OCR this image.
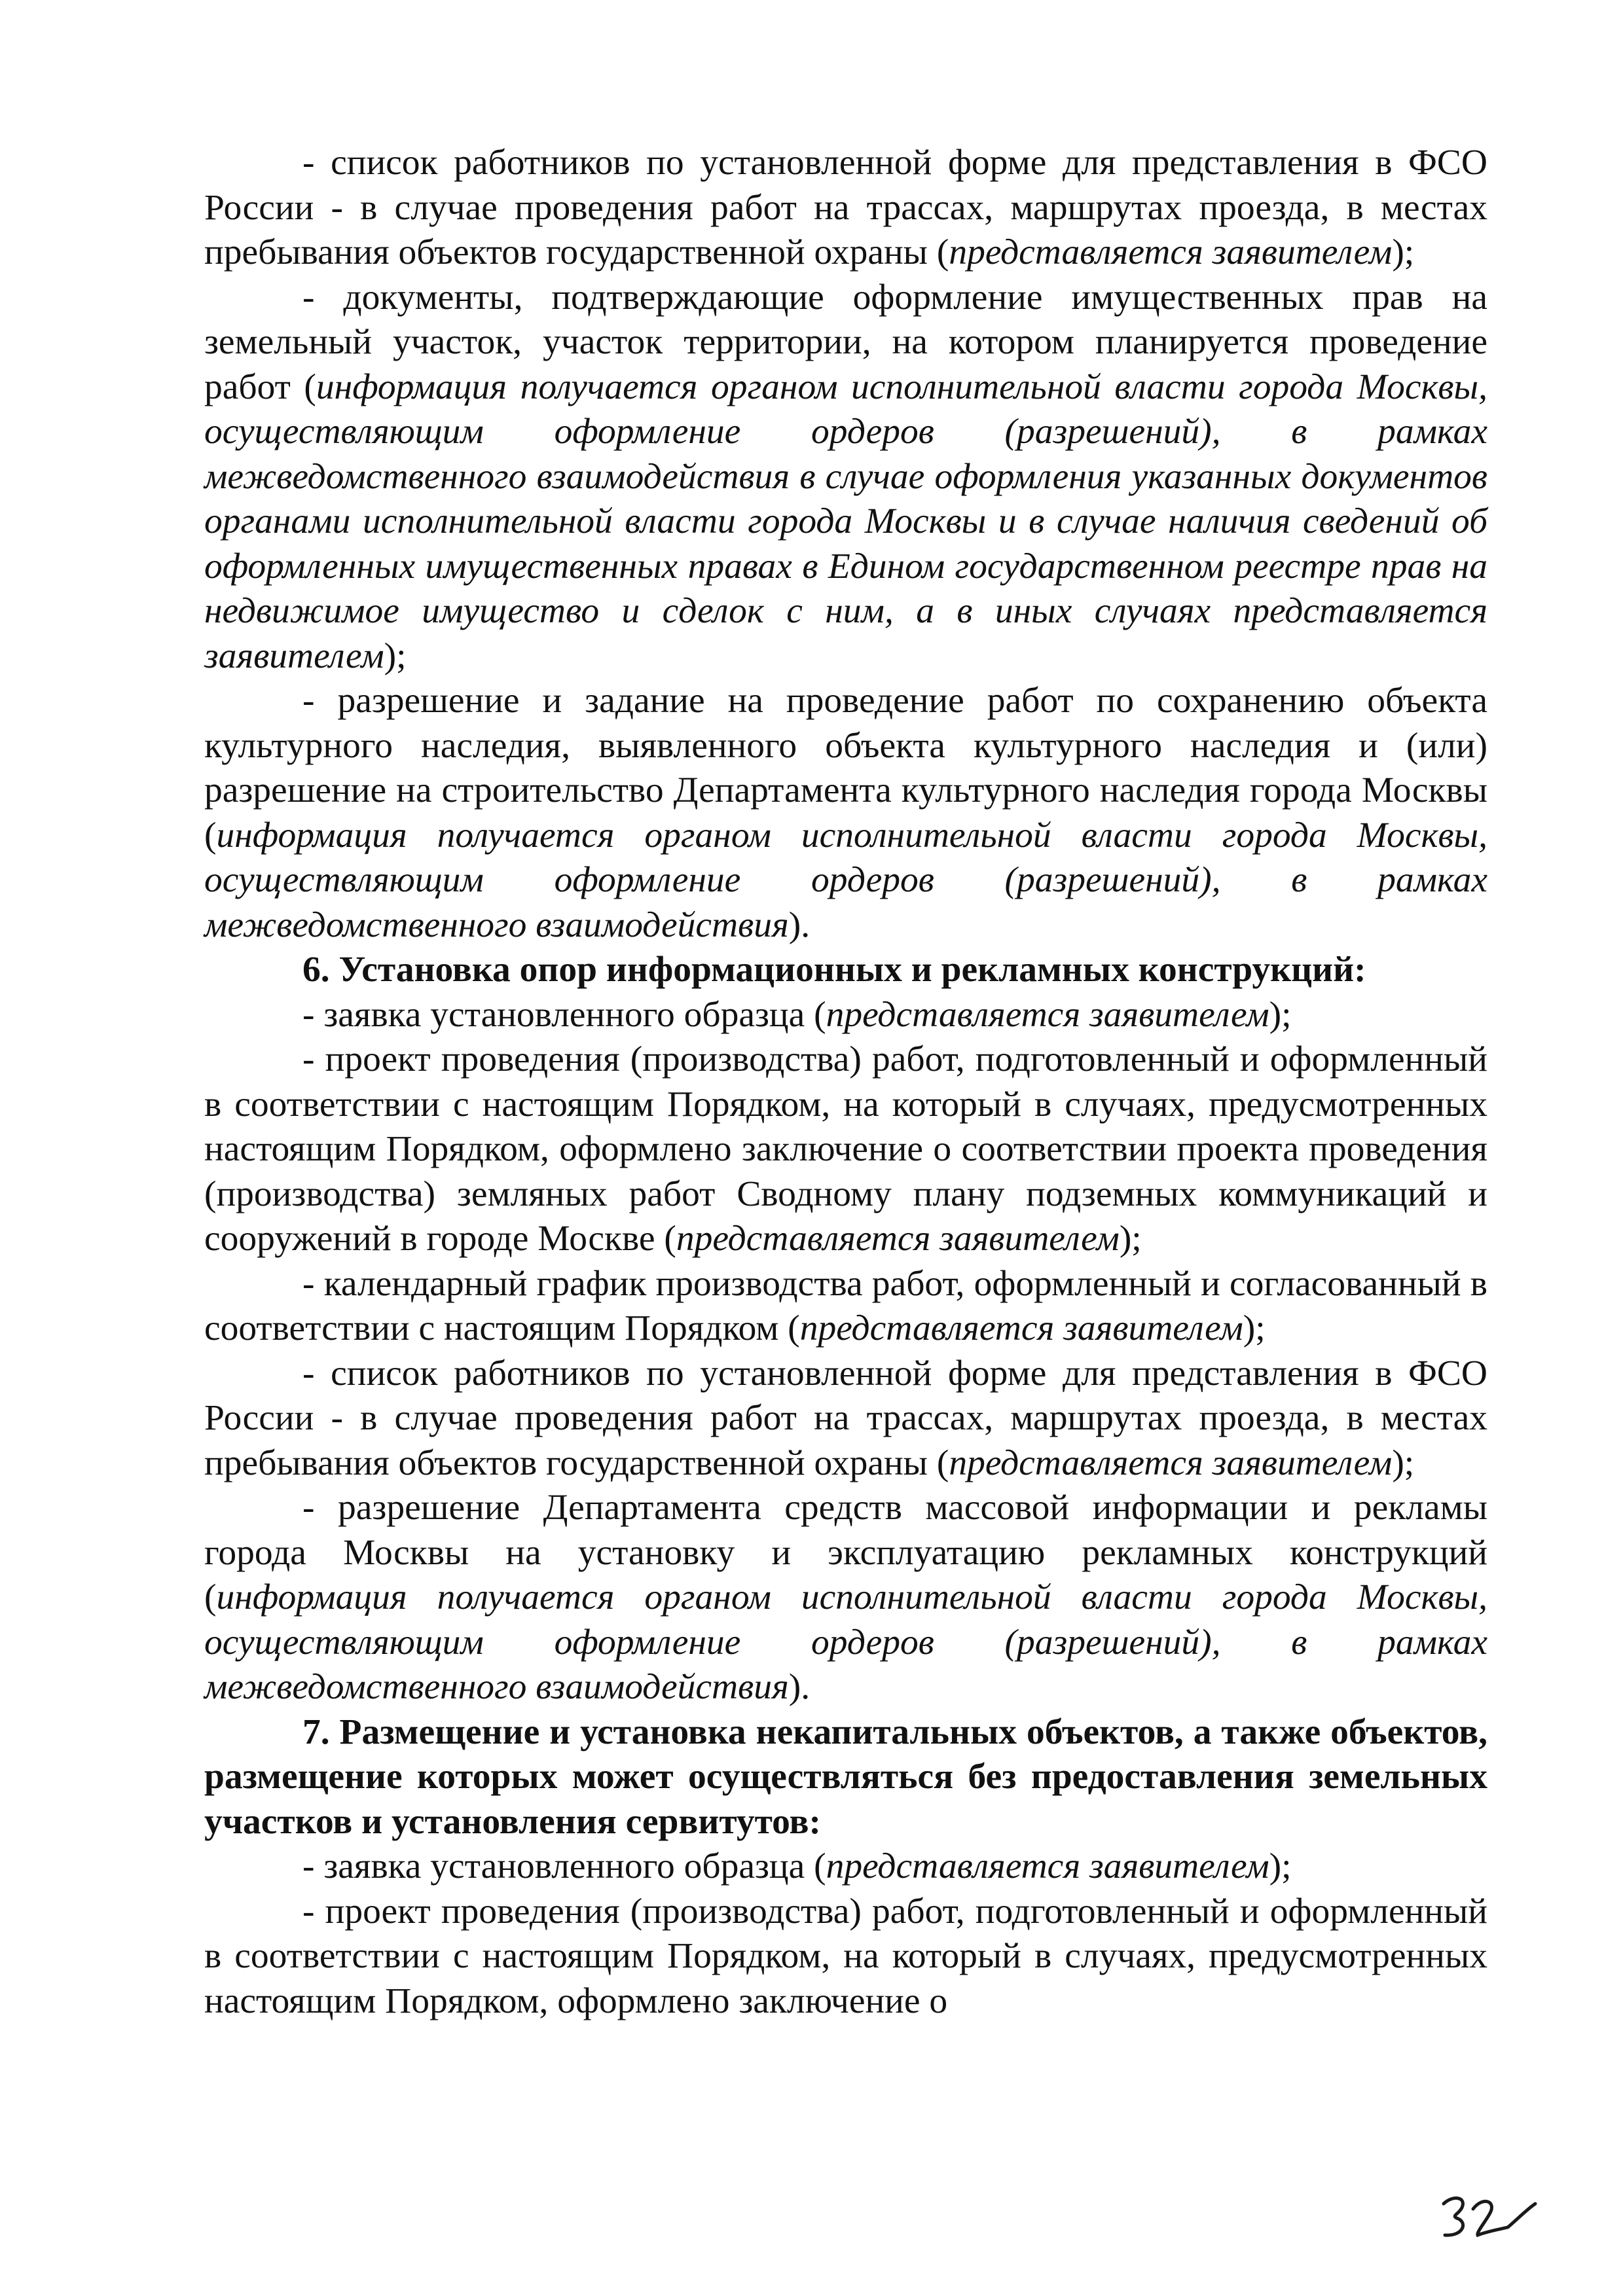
- список работников по установленной форме для представления в ФСО России - в случае проведения работ на трассах, маршрутах проезда, в местах пребывания объектов государственной охраны (представляется заявителем);

- документы, подтверждающие оформление имущественных прав на земельный участок, участок территории, на котором планируется проведение работ (информация получается органом исполнительной власти города Москвы, осуществляющим оформление ордеров (разрешений), в рамках межведомственного взаимодействия в случае оформления указанных документов органами исполнительной власти города Москвы и в случае наличия сведений об оформленных имущественных правах в Едином государственном реестре прав на недвижимое имущество и сделок с ним, а в иных случаях представляется заявителем);

- разрешение и задание на проведение работ по сохранению объекта культурного наследия, выявленного объекта культурного наследия и (или) разрешение на строительство Департамента культурного наследия города Москвы (информация получается органом исполнительной власти города Москвы, осуществляющим оформление ордеров (разрешений), в рамках межведомственного взаимодействия).

6. Установка опор информационных и рекламных конструкций:

- заявка установленного образца (представляется заявителем);

- проект проведения (производства) работ, подготовленный и оформленный в соответствии с настоящим Порядком, на который в случаях, предусмотренных настоящим Порядком, оформлено заключение о соответствии проекта проведения (производства) земляных работ Сводному плану подземных коммуникаций и сооружений в городе Москве (представляется заявителем);

- календарный график производства работ, оформленный и согласованный в соответствии с настоящим Порядком (представляется заявителем);

- список работников по установленной форме для представления в ФСО России - в случае проведения работ на трассах, маршрутах проезда, в местах пребывания объектов государственной охраны (представляется заявителем);

- разрешение Департамента средств массовой информации и рекламы города Москвы на установку и эксплуатацию рекламных конструкций (информация получается органом исполнительной власти города Москвы, осуществляющим оформление ордеров (разрешений), в рамках межведомственного взаимодействия).

7. Размещение и установка некапитальных объектов, а также объектов, размещение которых может осуществляться без предоставления земельных участков и установления сервитутов:

- заявка установленного образца (представляется заявителем);

- проект проведения (производства) работ, подготовленный и оформленный в соответствии с настоящим Порядком, на который в случаях, предусмотренных настоящим Порядком, оформлено заключение о
